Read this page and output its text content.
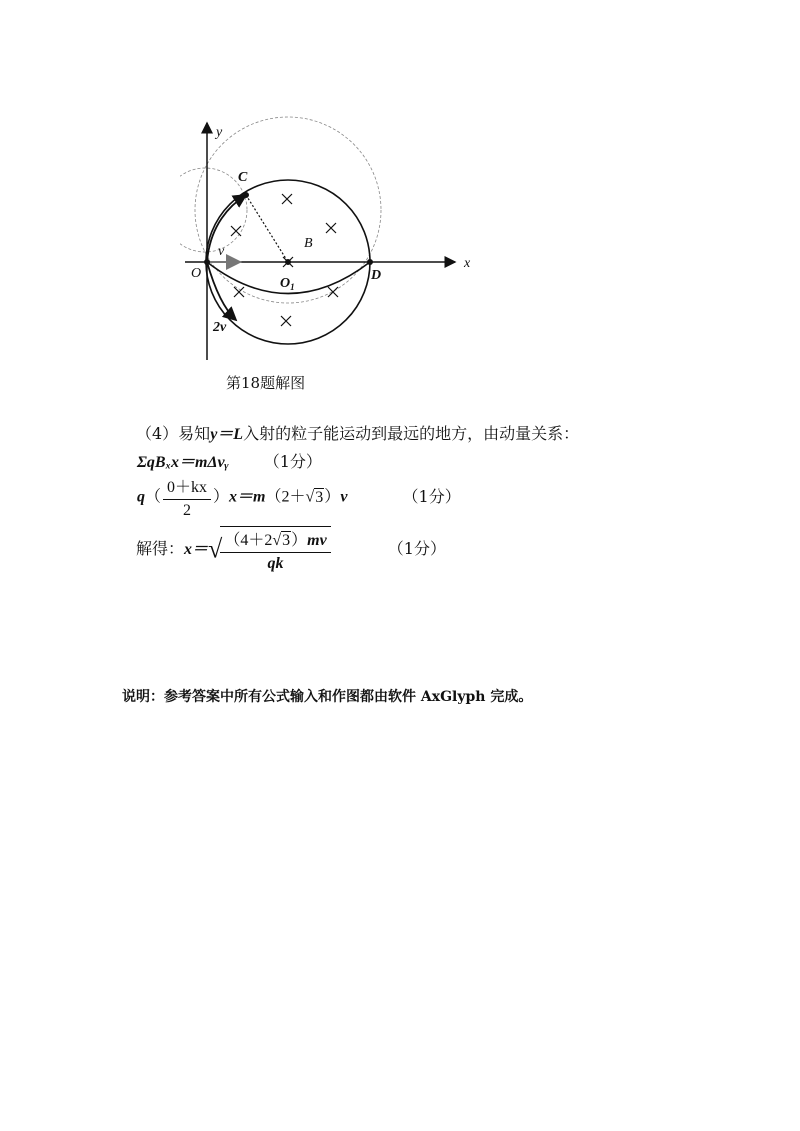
y
x
C
B
O
$O_1$
D
v
2v
第18题解图
（4）易知y＝L入射的粒子能运动到最远的地方，由动量关系：
ΣqBₓx＝mΔvᵧ （1分）
$q( \frac{0+kx}{2} )x=m(2+√3)v$	（1分）
解得：x＝√
$\frac{(4+2√3)mv}{qk}$	（1分）
说明：参考答案中所有公式输入和作图都由软件 AxGlyph 完成。
